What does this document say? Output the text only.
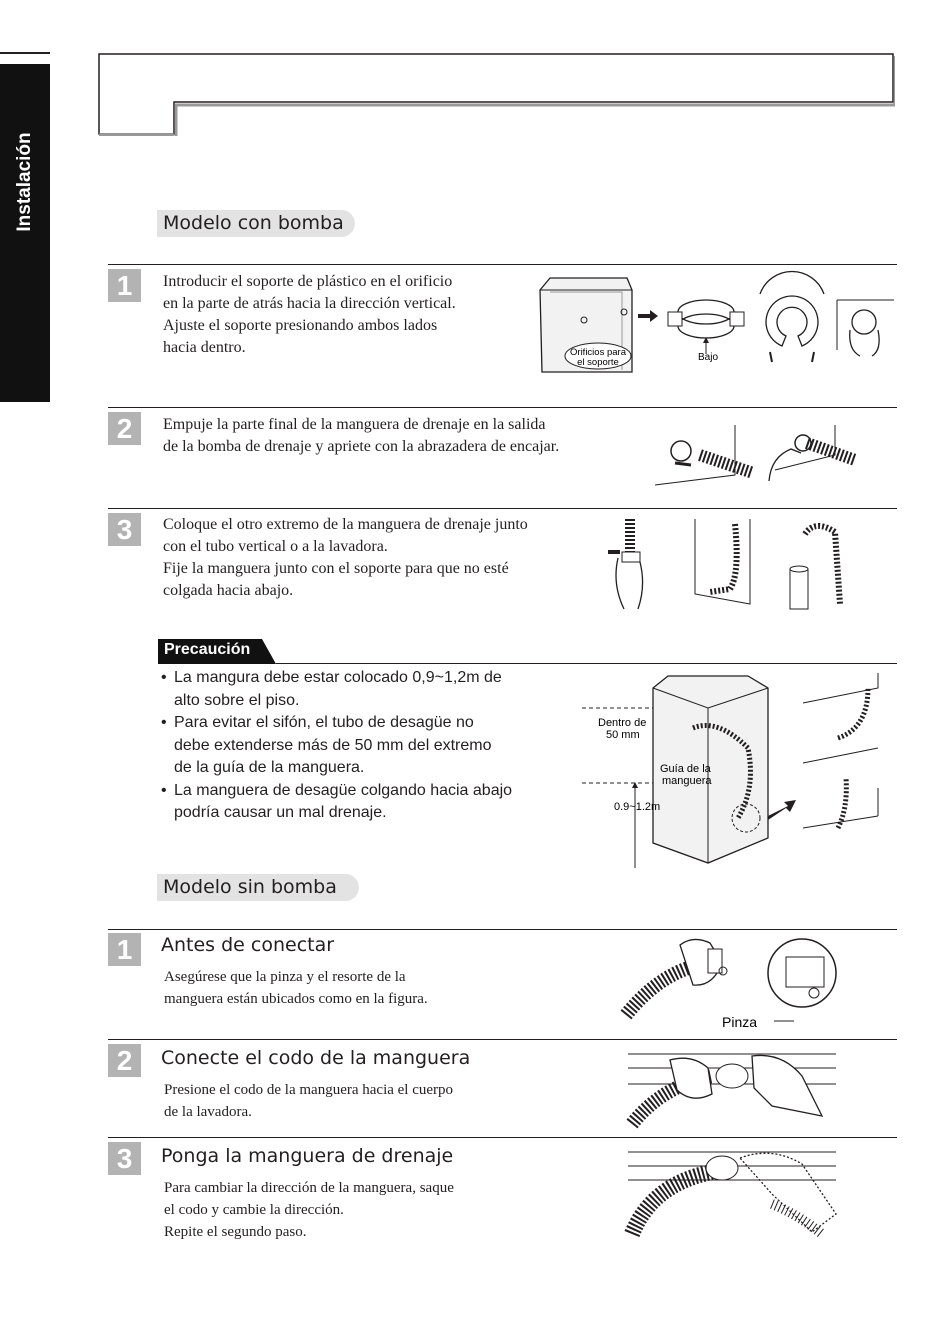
Instalación	Modelo con bomba
1	Introducir el soporte de plástico en el orificio
en la parte de atrás hacia la dirección vertical.
Ajuste el soporte presionando ambos lados
hacia dentro.	Orificios para
el soporte	Bajo
2	Empuje la parte final de la manguera de drenaje en la salida
de la bomba de drenaje y apriete con la abrazadera de encajar.
3	Coloque el otro extremo de la manguera de drenaje junto
con el tubo vertical o a la lavadora.
Fije la manguera junto con el soporte para que no esté
colgada hacia abajo.
Precaución
• La mangura debe estar colocado 0,9~1,2m de
alto sobre el piso.
• Para evitar el sifón, el tubo de desagüe no
debe extenderse más de 50 mm del extremo
de la guía de la manguera.
• La manguera de desagüe colgando hacia abajo
podría causar un mal drenaje.
Dentro de
50 mm
Guía de la
manguera
0.9~1.2m
Modelo sin bomba
1	Antes de conectar
Asegúrese que la pinza y el resorte de la
manguera están ubicados como en la figura.
Pinza
2	Conecte el codo de la manguera
Presione el codo de la manguera hacia el cuerpo
de la lavadora.
3	Ponga la manguera de drenaje
Para cambiar la dirección de la manguera, saque
el codo y cambie la dirección.
Repite el segundo paso.
